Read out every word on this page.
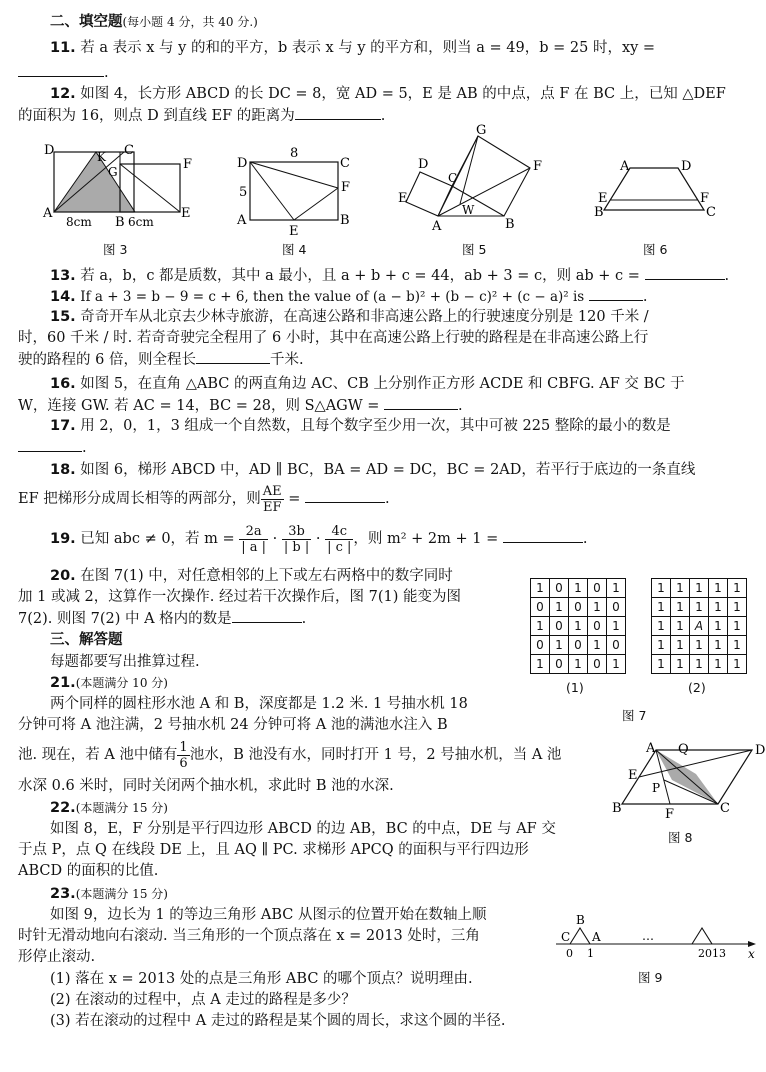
二、填空题(每小题 4 分，共 40 分.)
11. 若 a 表示 x 与 y 的和的平方，b 表示 x 与 y 的平方和，则当 a = 49，b = 25 时，xy =
.
12. 如图 4，长方形 ABCD 的长 DC = 8，宽 AD = 5，E 是 AB 的中点，点 F 在 BC 上，已知 △DEF
的面积为 16，则点 D 到直线 EF 的距离为	.
D	C
K
G	F
A
8cm B 6cm
E
图 3
D
8
C
5	F
A
E
B
图 4
G
D
C
F
E
W
A	B
图 5
A	D
E	F
B	C
图 6
13. 若 a，b，c 都是质数，其中 a 最小，且 a + b + c = 44，ab + 3 = c，则 ab + c =	.
14. If a + 3 = b − 9 = c + 6, then the value of (a − b)² + (b − c)² + (c − a)² is	.
15. 奇奇开车从北京去少林寺旅游，在高速公路和非高速公路上的行驶速度分别是 120 千米 /
时，60 千米 / 时. 若奇奇驶完全程用了 6 小时，其中在高速公路上行驶的路程是在非高速公路上行
驶的路程的 6 倍，则全程长	千米.
16. 如图 5，在直角 △ABC 的两直角边 AC、CB 上分别作正方形 ACDE 和 CBFG. AF 交 BC 于
W，连接 GW. 若 AC = 14，BC = 28，则 S△AGW =	.
17. 用 2，0，1，3 组成一个自然数，且每个数字至少用一次，其中可被 225 整除的最小的数是
.
18. 如图 6，梯形 ABCD 中，AD ∥ BC，BA = AD = DC，BC = 2AD，若平行于底边的一条直线
EF 把梯形分成周长相等的两部分，则 $\frac{AE}{EF}$ =	.
19. 已知 abc ≠ 0，若 $m = \frac{2a}{| a |} \cdot \frac{3b}{| b |} \cdot \frac{4c}{| c |}$ ，则 m² + 2m + 1 =	.
20. 在图 7(1) 中，对任意相邻的上下或左右两格中的数字同时
加 1 或减 2，这算作一次操作. 经过若干次操作后，图 7(1) 能变为图
7(2). 则图 7(2) 中 A 格内的数是	.
1	0	1	0	1
0	1	0	1	0
1	0	1	0	1
0	1	0	1	0
1	0	1	0	1
1	1	1	1	1
1	1	1	1	1
1	1	A	1	1
1	1	1	1	1
1	1	1	1	1
(1)	(2)
图 7
三、解答题
每题都要写出推算过程.
21.(本题满分 10 分)
两个同样的圆柱形水池 A 和 B，深度都是 1.2 米. 1 号抽水机 18
分钟可将 A 池注满，2 号抽水机 24 分钟可将 A 池的满池水注入 B
池. 现在，若 A 池中储有 $\frac{1}{6}$ 池水，B 池没有水，同时打开 1 号，2 号抽水机，当 A 池
水深 0.6 米时，同时关闭两个抽水机，求此时 B 池的水深.
A Q	D
E
P
B	F	C
图 8
22.(本题满分 15 分)
如图 8，E，F 分别是平行四边形 ABCD 的边 AB，BC 的中点，DE 与 AF 交
于点 P，点 Q 在线段 DE 上，且 AQ ∥ PC. 求梯形 APCQ 的面积与平行四边形
ABCD 的面积的比值.
23.(本题满分 15 分)
如图 9，边长为 1 的等边三角形 ABC 从图示的位置开始在数轴上顺
时针无滑动地向右滚动. 当三角形的一个顶点落在 x = 2013 处时，三角
形停止滚动.
(1) 落在 x = 2013 处的点是三角形 ABC 的哪个顶点？说明理由.
(2) 在滚动的过程中，点 A 走过的路程是多少？
(3) 若在滚动的过程中 A 走过的路程是某个圆的周长，求这个圆的半径.
B
C A
0 1
…
2013 x
图 9
